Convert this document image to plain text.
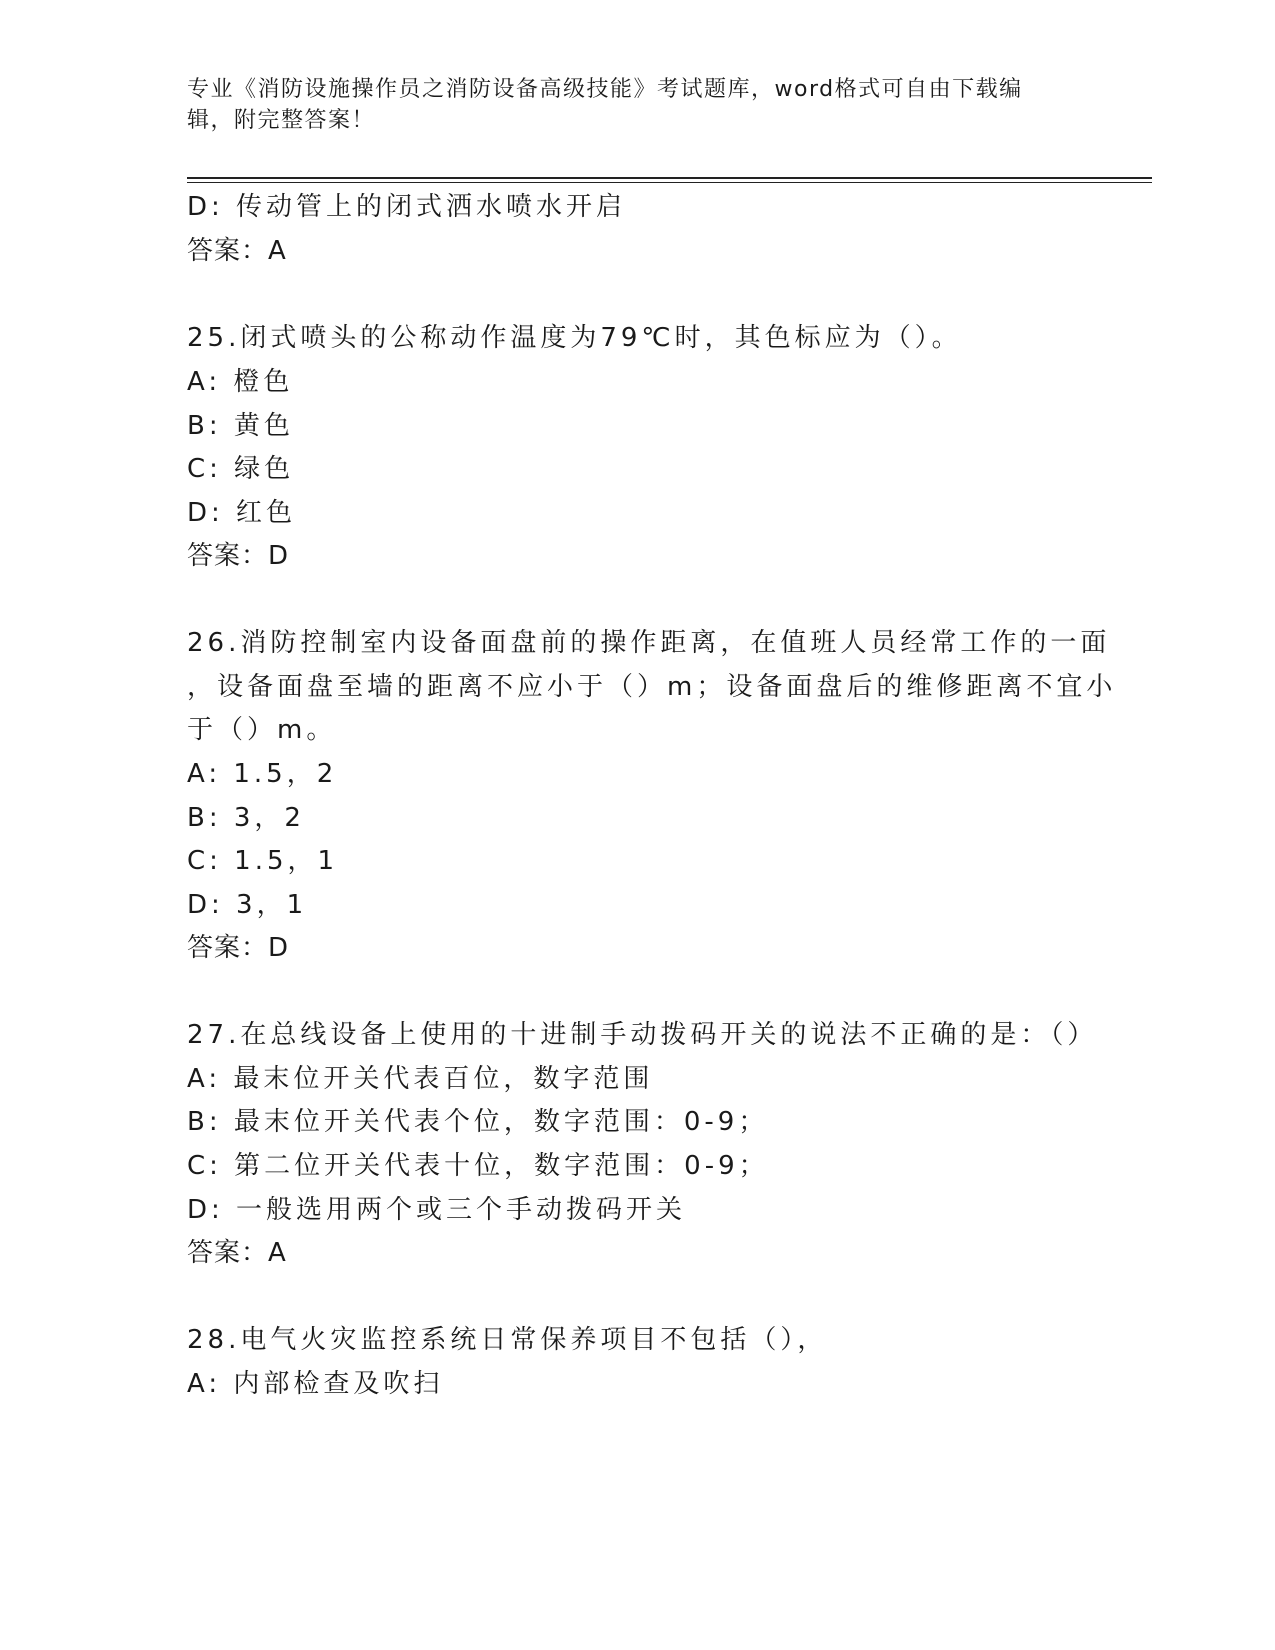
专业《消防设施操作员之消防设备高级技能》考试题库，word格式可自由下载编
辑，附完整答案！
D: 传动管上的闭式洒水喷水开启
答案：A
25.闭式喷头的公称动作温度为79℃时，其色标应为（）。
A: 橙色
B: 黄色
C: 绿色
D: 红色
答案：D
26.消防控制室内设备面盘前的操作距离，在值班人员经常工作的一面
，设备面盘至墙的距离不应小于（）m；设备面盘后的维修距离不宜小
于（）m。
A: 1.5，2
B: 3，2
C: 1.5，1
D: 3，1
答案：D
27.在总线设备上使用的十进制手动拨码开关的说法不正确的是：（）
A: 最末位开关代表百位，数字范围
B: 最末位开关代表个位，数字范围：0-9；
C: 第二位开关代表十位，数字范围：0-9；
D: 一般选用两个或三个手动拨码开关
答案：A
28.电气火灾监控系统日常保养项目不包括（），
A: 内部检查及吹扫
